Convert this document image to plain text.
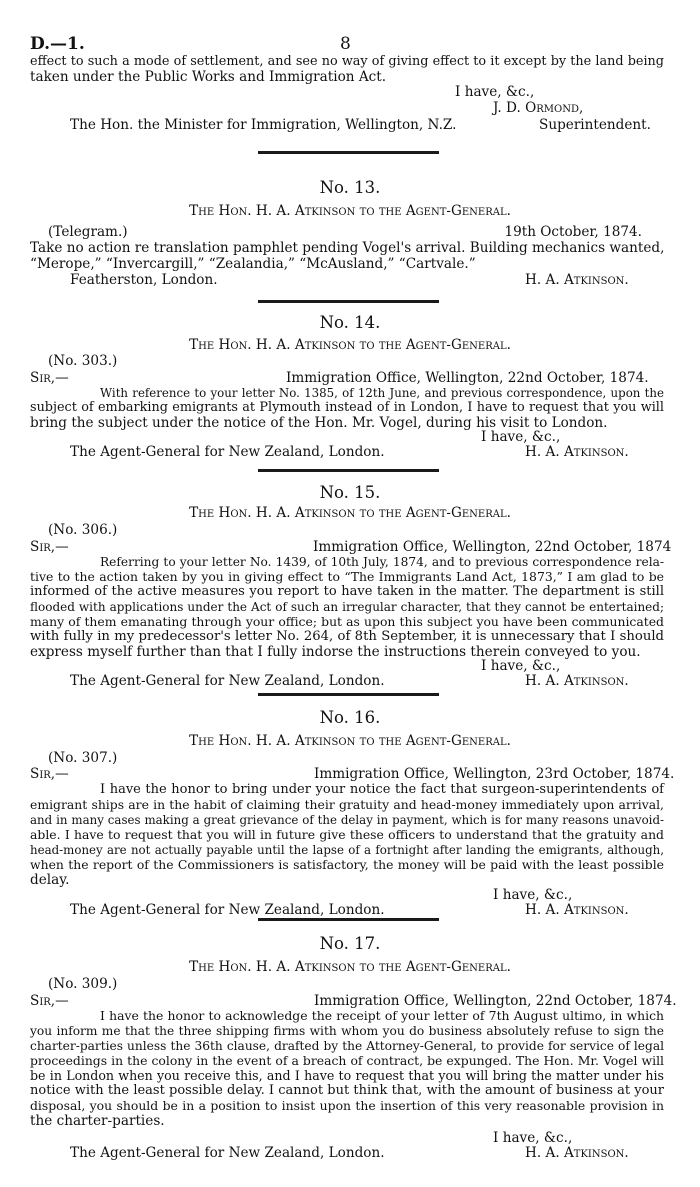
D.—1.	8
effect to such a mode of settlement, and see no way of giving effect to it except by the land being
taken under the Public Works and Immigration Act.
I have, &c.,
J. D. Ormond,
The Hon. the Minister for Immigration, Wellington, N.Z.	Superintendent.
No. 13.
The Hon. H. A. Atkinson to the Agent-General.
(Telegram.)	19th October, 1874.
Take no action re translation pamphlet pending Vogel's arrival. Building mechanics wanted,
“Merope,” “Invercargill,” “Zealandia,” “McAusland,” “Cartvale.”
Featherston, London.	H. A. Atkinson.
No. 14.
The Hon. H. A. Atkinson to the Agent-General.
(No. 303.)
Sir,—	Immigration Office, Wellington, 22nd October, 1874.
With reference to your letter No. 1385, of 12th June, and previous correspondence, upon the
subject of embarking emigrants at Plymouth instead of in London, I have to request that you will
bring the subject under the notice of the Hon. Mr. Vogel, during his visit to London.
I have, &c.,
The Agent-General for New Zealand, London.	H. A. Atkinson.
No. 15.
The Hon. H. A. Atkinson to the Agent-General.
(No. 306.)
Sir,—	Immigration Office, Wellington, 22nd October, 1874
Referring to your letter No. 1439, of 10th July, 1874, and to previous correspondence rela-
tive to the action taken by you in giving effect to “The Immigrants Land Act, 1873,” I am glad to be
informed of the active measures you report to have taken in the matter. The department is still
flooded with applications under the Act of such an irregular character, that they cannot be entertained;
many of them emanating through your office; but as upon this subject you have been communicated
with fully in my predecessor's letter No. 264, of 8th September, it is unnecessary that I should
express myself further than that I fully indorse the instructions therein conveyed to you.
I have, &c.,
The Agent-General for New Zealand, London.	H. A. Atkinson.
No. 16.
The Hon. H. A. Atkinson to the Agent-General.
(No. 307.)
Sir,—	Immigration Office, Wellington, 23rd October, 1874.
I have the honor to bring under your notice the fact that surgeon-superintendents of
emigrant ships are in the habit of claiming their gratuity and head-money immediately upon arrival,
and in many cases making a great grievance of the delay in payment, which is for many reasons unavoid-
able. I have to request that you will in future give these officers to understand that the gratuity and
head-money are not actually payable until the lapse of a fortnight after landing the emigrants, although,
when the report of the Commissioners is satisfactory, the money will be paid with the least possible
delay.
I have, &c.,
The Agent-General for New Zealand, London.	H. A. Atkinson.
No. 17.
The Hon. H. A. Atkinson to the Agent-General.
(No. 309.)
Sir,—	Immigration Office, Wellington, 22nd October, 1874.
I have the honor to acknowledge the receipt of your letter of 7th August ultimo, in which
you inform me that the three shipping firms with whom you do business absolutely refuse to sign the
charter-parties unless the 36th clause, drafted by the Attorney-General, to provide for service of legal
proceedings in the colony in the event of a breach of contract, be expunged. The Hon. Mr. Vogel will
be in London when you receive this, and I have to request that you will bring the matter under his
notice with the least possible delay. I cannot but think that, with the amount of business at your
disposal, you should be in a position to insist upon the insertion of this very reasonable provision in
the charter-parties.
I have, &c.,
The Agent-General for New Zealand, London.	H. A. Atkinson.
